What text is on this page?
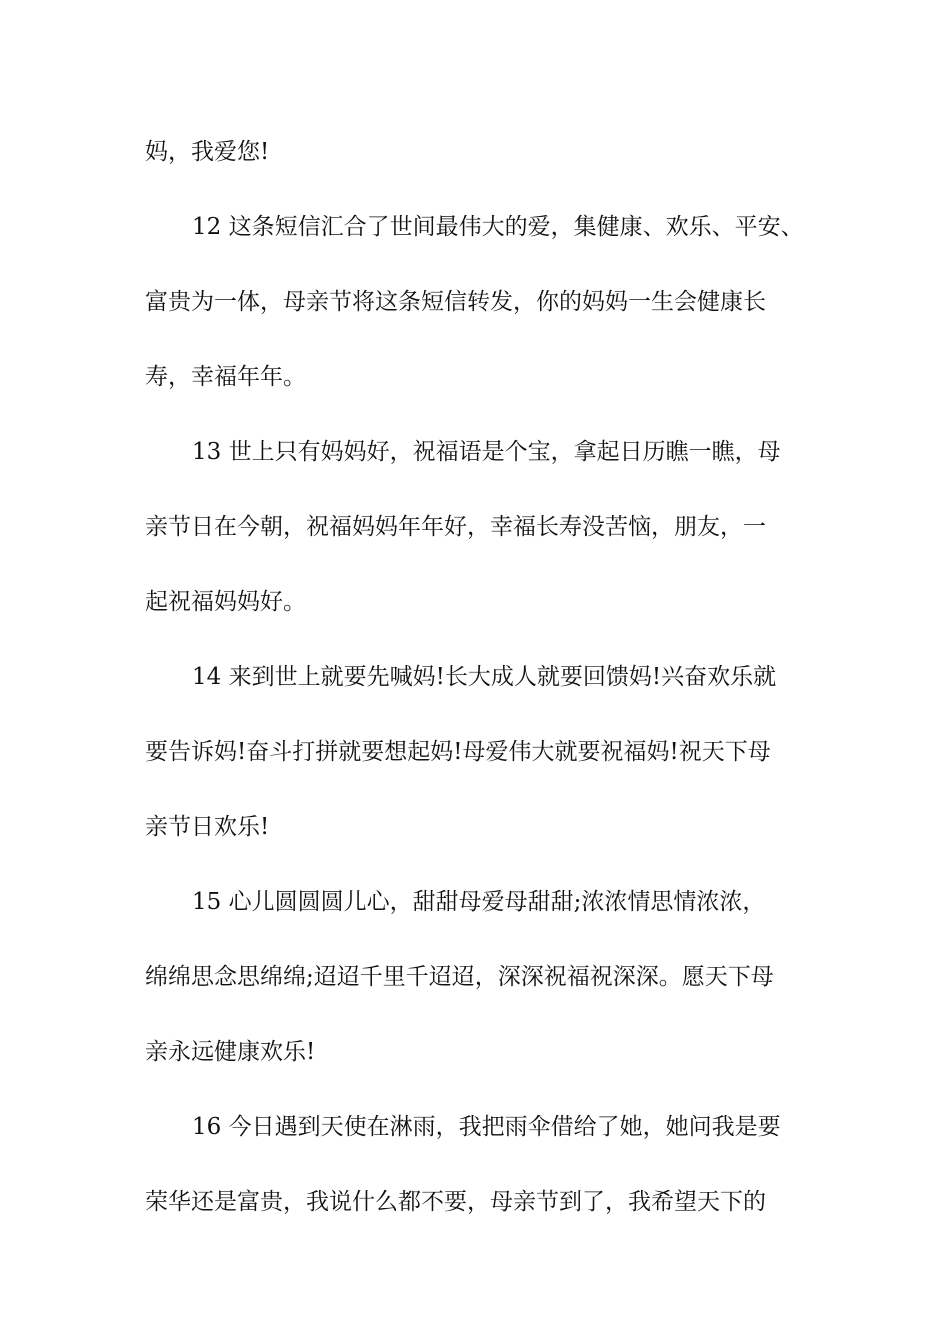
妈，我爱您!
12 这条短信汇合了世间最伟大的爱，集健康、欢乐、平安、
富贵为一体，母亲节将这条短信转发，你的妈妈一生会健康长
寿，幸福年年。
13 世上只有妈妈好，祝福语是个宝，拿起日历瞧一瞧，母
亲节日在今朝，祝福妈妈年年好，幸福长寿没苦恼，朋友，一
起祝福妈妈好。
14 来到世上就要先喊妈!长大成人就要回馈妈!兴奋欢乐就
要告诉妈!奋斗打拼就要想起妈!母爱伟大就要祝福妈!祝天下母
亲节日欢乐!
15 心儿圆圆圆儿心，甜甜母爱母甜甜;浓浓情思情浓浓，
绵绵思念思绵绵;迢迢千里千迢迢，深深祝福祝深深。愿天下母
亲永远健康欢乐!
16 今日遇到天使在淋雨，我把雨伞借给了她，她问我是要
荣华还是富贵，我说什么都不要，母亲节到了，我希望天下的
